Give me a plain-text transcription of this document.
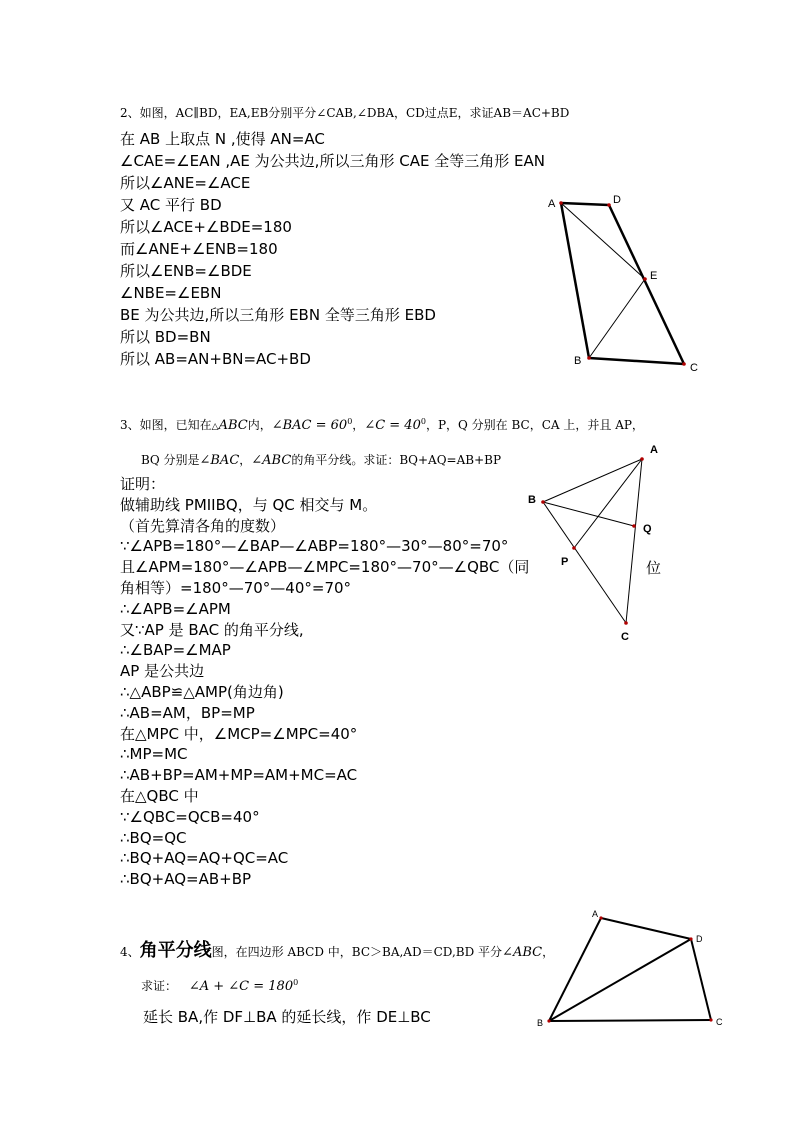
2、如图，AC∥BD，EA,EB分别平分∠CAB,∠DBA，CD过点E，求证AB＝AC+BD
在 AB 上取点 N ,使得 AN=AC
∠CAE=∠EAN ,AE 为公共边,所以三角形 CAE 全等三角形 EAN
所以∠ANE=∠ACE
又 AC 平行 BD
所以∠ACE+∠BDE=180
而∠ANE+∠ENB=180
所以∠ENB=∠BDE
∠NBE=∠EBN
BE 为公共边,所以三角形 EBN 全等三角形 EBD
所以 BD=BN
所以 AB=AN+BN=AC+BD
A	D
E
B
C
3、如图，已知在△ABC内，∠BAC = $60^0$，∠C = $40^0$，P，Q 分别在 BC，CA 上，并且 AP，
BQ 分别是∠BAC，∠ABC的角平分线。求证：BQ+AQ=AB+BP
证明：
做辅助线 PMIIBQ，与 QC 相交与 M。
（首先算清各角的度数）
∵∠APB=180°—∠BAP—∠ABP=180°—30°—80°=70°
且∠APM=180°—∠APB—∠MPC=180°—70°—∠QBC（同
角相等）=180°—70°—40°=70°
∴∠APB=∠APM
又∵AP 是 BAC 的角平分线,
∴∠BAP=∠MAP
AP 是公共边
∴△ABP≌△AMP(角边角)
∴AB=AM，BP=MP
在△MPC 中，∠MCP=∠MPC=40°
∴MP=MC
∴AB+BP=AM+MP=AM+MC=AC
在△QBC 中
∵∠QBC=QCB=40°
∴BQ=QC
∴BQ+AQ=AQ+QC=AC
∴BQ+AQ=AB+BP
位
A
B
Q
P
C
4、角平分线图，在四边形 ABCD 中，BC＞BA,AD＝CD,BD 平分∠ABC，
求证： ∠A + ∠C = $180^0$
延长 BA,作 DF⊥BA 的延长线，作 DE⊥BC
A
D
B	C
